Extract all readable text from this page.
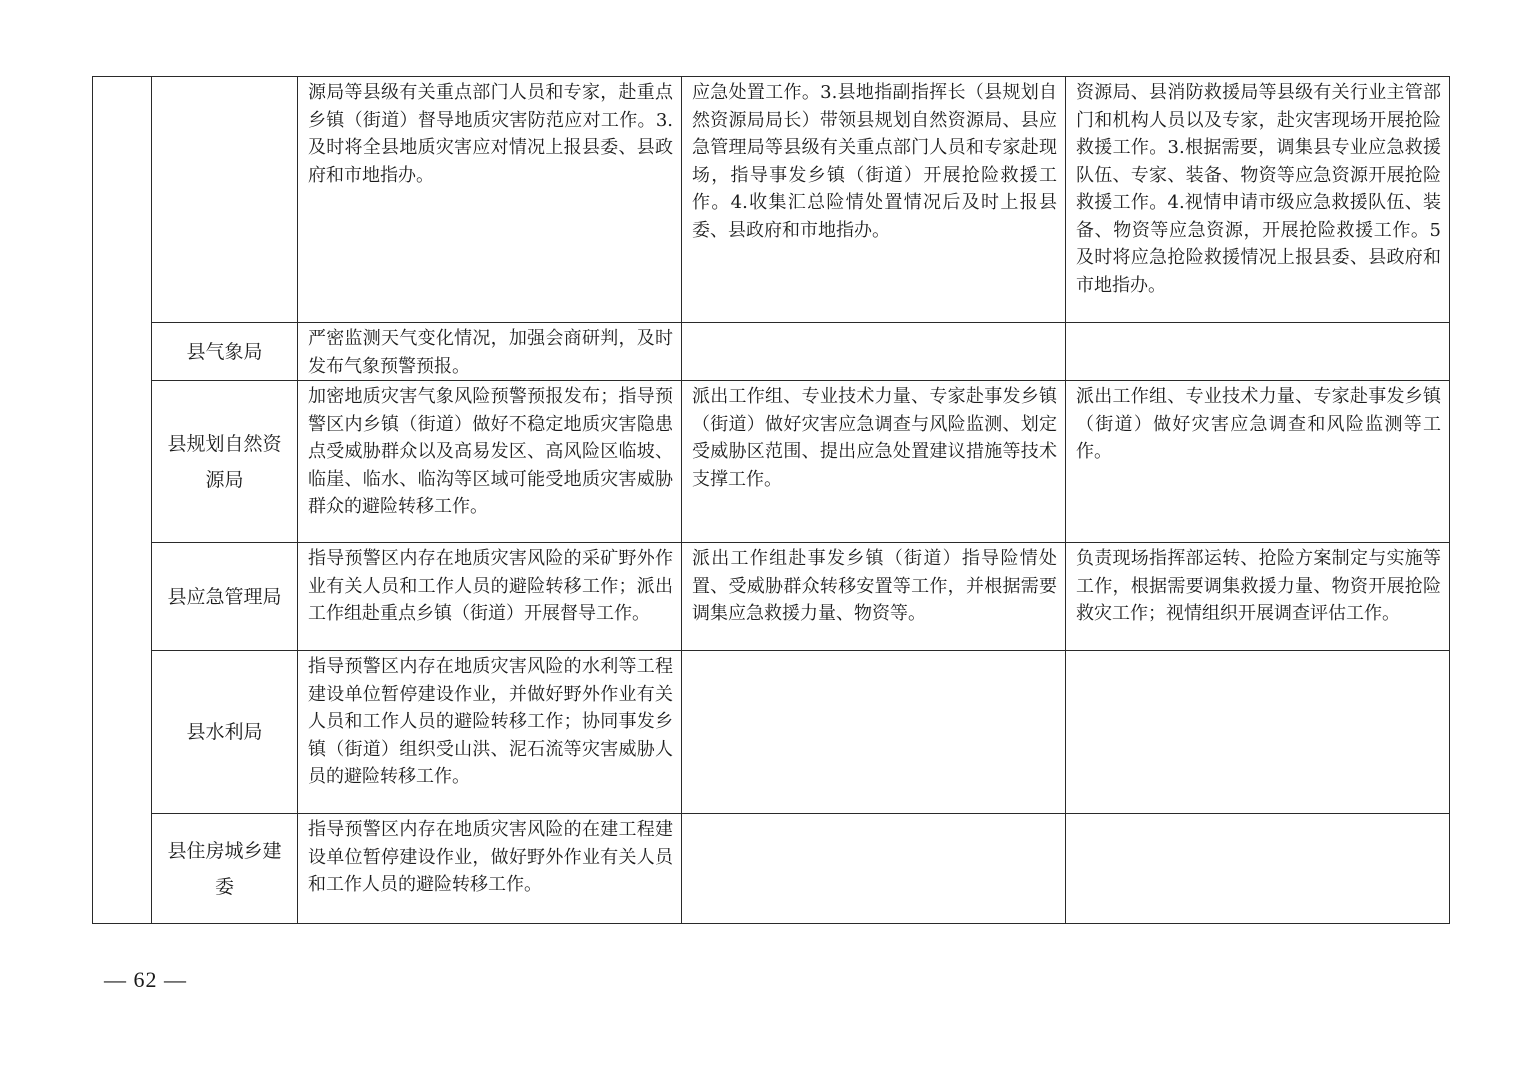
		源局等县级有关重点部门人员和专家，赴重点乡镇（街道）督导地质灾害防范应对工作。3.及时将全县地质灾害应对情况上报县委、县政府和市地指办。	应急处置工作。3.县地指副指挥长（县规划自然资源局局长）带领县规划自然资源局、县应急管理局等县级有关重点部门人员和专家赴现场，指导事发乡镇（街道）开展抢险救援工作。4.收集汇总险情处置情况后及时上报县委、县政府和市地指办。	资源局、县消防救援局等县级有关行业主管部门和机构人员以及专家，赴灾害现场开展抢险救援工作。3.根据需要，调集县专业应急救援队伍、专家、装备、物资等应急资源开展抢险救援工作。4.视情申请市级应急救援队伍、装备、物资等应急资源，开展抢险救援工作。5及时将应急抢险救援情况上报县委、县政府和市地指办。
	县气象局	严密监测天气变化情况，加强会商研判，及时发布气象预警预报。		
	县规划自然资源局	加密地质灾害气象风险预警预报发布；指导预警区内乡镇（街道）做好不稳定地质灾害隐患点受威胁群众以及高易发区、高风险区临坡、临崖、临水、临沟等区域可能受地质灾害威胁群众的避险转移工作。	派出工作组、专业技术力量、专家赴事发乡镇（街道）做好灾害应急调查与风险监测、划定受威胁区范围、提出应急处置建议措施等技术支撑工作。	派出工作组、专业技术力量、专家赴事发乡镇（街道）做好灾害应急调查和风险监测等工作。
	县应急管理局	指导预警区内存在地质灾害风险的采矿野外作业有关人员和工作人员的避险转移工作；派出工作组赴重点乡镇（街道）开展督导工作。	派出工作组赴事发乡镇（街道）指导险情处置、受威胁群众转移安置等工作，并根据需要调集应急救援力量、物资等。	负责现场指挥部运转、抢险方案制定与实施等工作，根据需要调集救援力量、物资开展抢险救灾工作；视情组织开展调查评估工作。
	县水利局	指导预警区内存在地质灾害风险的水利等工程建设单位暂停建设作业，并做好野外作业有关人员和工作人员的避险转移工作；协同事发乡镇（街道）组织受山洪、泥石流等灾害威胁人员的避险转移工作。		
	县住房城乡建委	指导预警区内存在地质灾害风险的在建工程建设单位暂停建设作业，做好野外作业有关人员和工作人员的避险转移工作。		
— 62 —
